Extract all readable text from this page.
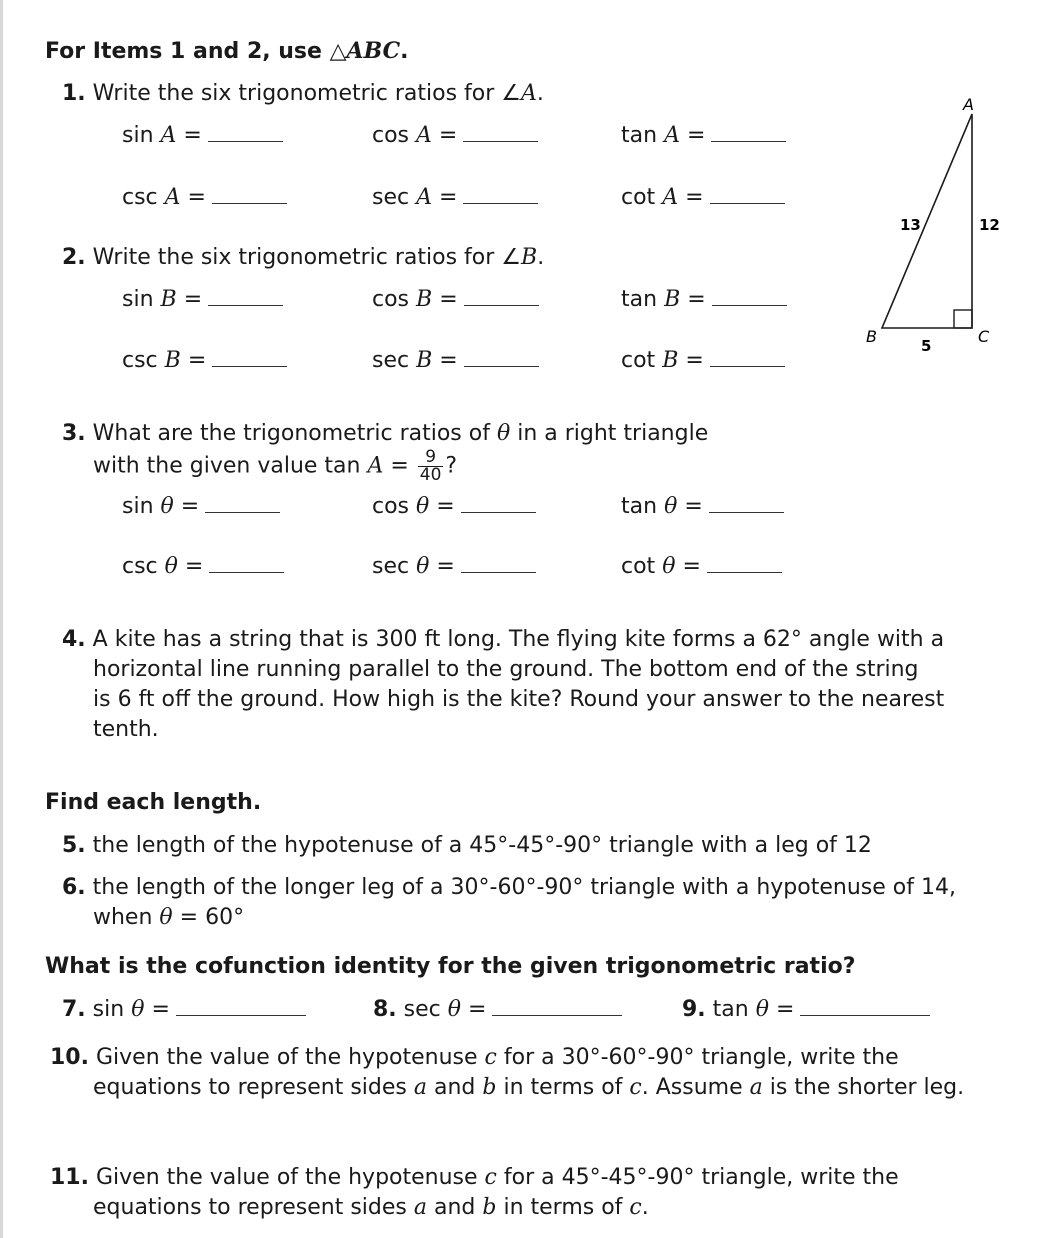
For Items 1 and 2, use △ABC.
1. Write the six trigonometric ratios for ∠A.
sin A =	cos A =	tan A =
csc A =	sec A =	cot A =
2. Write the six trigonometric ratios for ∠B.
sin B =	cos B =	tan B =
csc B =	sec B =	cot B =
A
B	C
13	12
5
3. What are the trigonometric ratios of θ in a right triangle
with the given value $\tan A = \frac{9}{40}$ ?
sin θ =	cos θ =	tan θ =
csc θ =	sec θ =	cot θ =
4. A kite has a string that is 300 ft long. The flying kite forms a 62° angle with a
horizontal line running parallel to the ground. The bottom end of the string
is 6 ft off the ground. How high is the kite? Round your answer to the nearest
tenth.
Find each length.
5. the length of the hypotenuse of a 45°-45°-90° triangle with a leg of 12
6. the length of the longer leg of a 30°-60°-90° triangle with a hypotenuse of 14,
when θ = 60°
What is the cofunction identity for the given trigonometric ratio?
7. sin θ =	8. sec θ =	9. tan θ =
10. Given the value of the hypotenuse c for a 30°-60°-90° triangle, write the
equations to represent sides a and b in terms of c. Assume a is the shorter leg.
11. Given the value of the hypotenuse c for a 45°-45°-90° triangle, write the
equations to represent sides a and b in terms of c.
